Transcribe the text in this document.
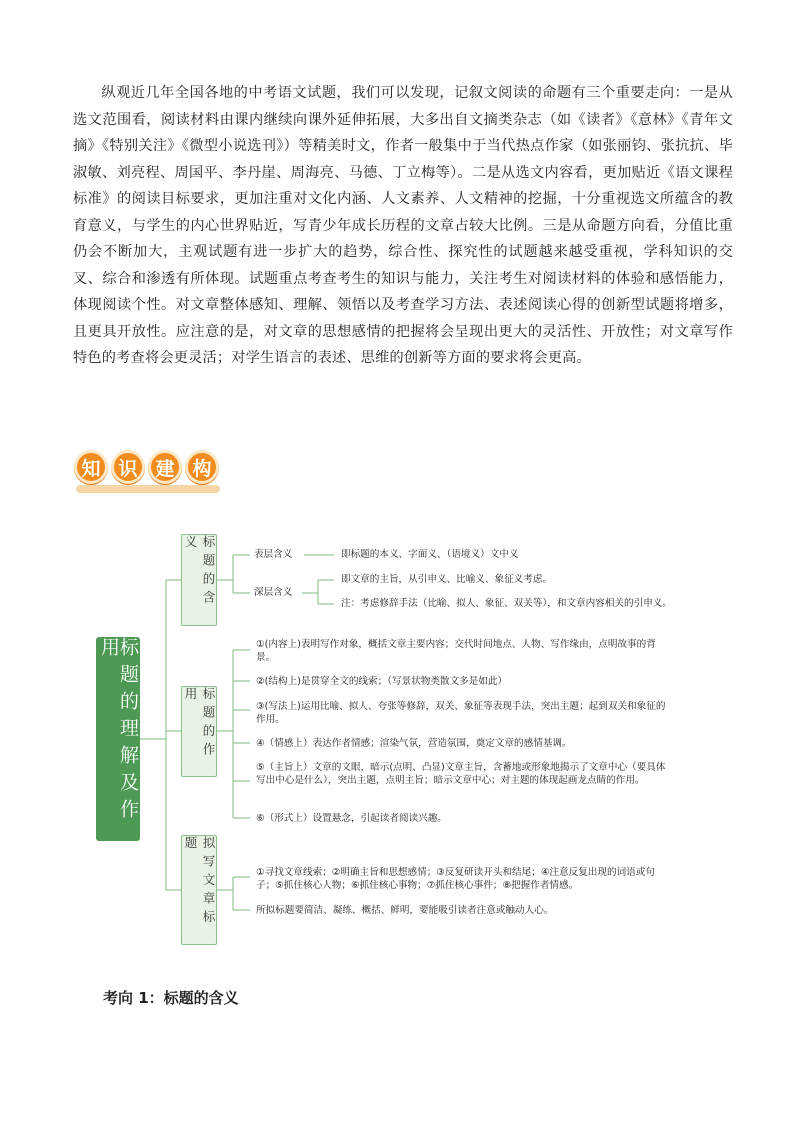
纵观近几年全国各地的中考语文试题，我们可以发现，记叙文阅读的命题有三个重要走向：一是从选文范围看，阅读材料由课内继续向课外延伸拓展，大多出自文摘类杂志（如《读者》《意林》《青年文摘》《特别关注》《微型小说选刊》）等精美时文，作者一般集中于当代热点作家（如张丽钧、张抗抗、毕淑敏、刘亮程、周国平、李丹崖、周海亮、马德、丁立梅等）。二是从选文内容看，更加贴近《语文课程标准》的阅读目标要求，更加注重对文化内涵、人文素养、人文精神的挖掘，十分重视选文所蕴含的教育意义，与学生的内心世界贴近，写青少年成长历程的文章占较大比例。三是从命题方向看，分值比重仍会不断加大，主观试题有进一步扩大的趋势，综合性、探究性的试题越来越受重视，学科知识的交叉、综合和渗透有所体现。试题重点考查考生的知识与能力，关注考生对阅读材料的体验和感悟能力，体现阅读个性。对文章整体感知、理解、领悟以及考查学习方法、表述阅读心得的创新型试题将增多，且更具开放性。应注意的是，对文章的思想感情的把握将会呈现出更大的灵活性、开放性；对文章写作特色的考查将会更灵活；对学生语言的表述、思维的创新等方面的要求将会更高。

知 识 建 构
标题的理解及作用
标题的含义
标题的作用
拟写文章标题
表层含义	即标题的本义、字面义、（语境义）文中义
深层含义
即文章的主旨，从引申义、比喻义、象征义考虑。
注：考虑修辞手法（比喻、拟人、象征、双关等），和文章内容相关的引申义。
①(内容上)表明写作对象，概括文章主要内容；交代时间地点、人物、写作缘由，点明故事的背景。
②(结构上)是贯穿全文的线索；（写景状物类散文多是如此）
③(写法上)运用比喻、拟人、夸张等修辞，双关、象征等表现手法，突出主题；起到双关和象征的作用。
④（情感上）表达作者情感；渲染气氛，营造氛围，奠定文章的感情基调。
⑤（主旨上）文章的文眼，暗示(点明、凸显)文章主旨，含蓄地或形象地揭示了文章中心（要具体写出中心是什么），突出主题，点明主旨；暗示文章中心；对主题的体现起画龙点睛的作用。
⑥（形式上）设置悬念，引起读者阅读兴趣。
①寻找文章线索；②明确主旨和思想感情；③反复研读开头和结尾；④注意反复出现的词语或句子；⑤抓住核心人物；⑥抓住核心事物；⑦抓住核心事件；⑧把握作者情感。
所拟标题要简洁、凝练、概括、鲜明，要能吸引读者注意或触动人心。
考向 1：标题的含义
